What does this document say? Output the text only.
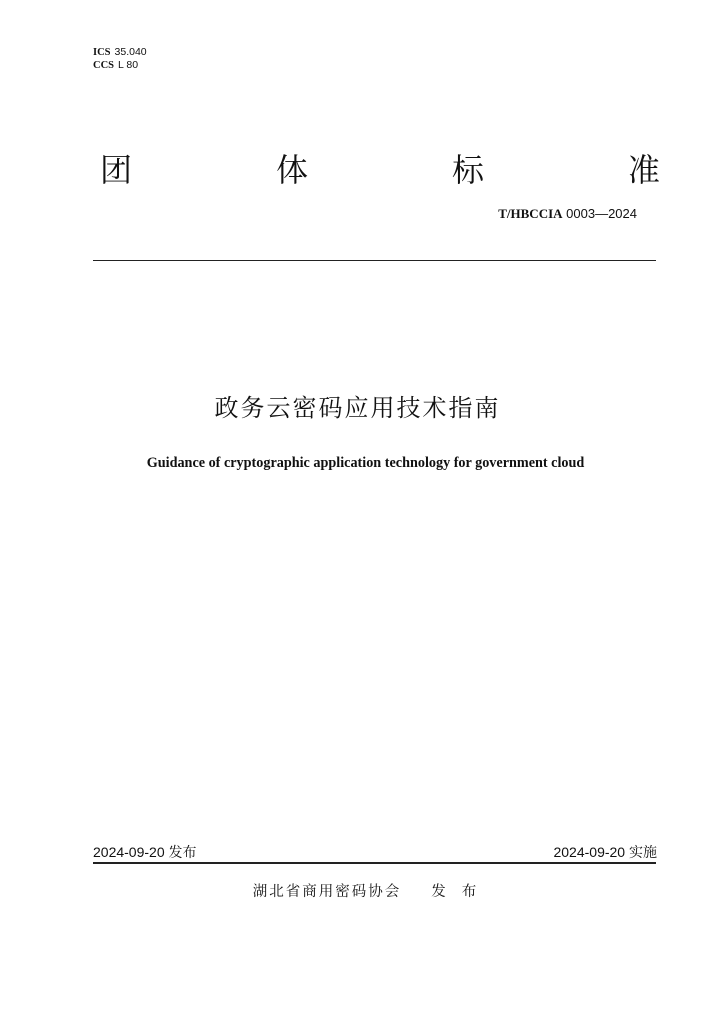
ICS 35.040
CCS L 80
团	体	标	准
T/HBCCIA 0003—2024
政务云密码应用技术指南
Guidance of cryptographic application technology for government cloud
2024-09-20 发布	2024-09-20 实施
湖北省商用密码协会 发布
